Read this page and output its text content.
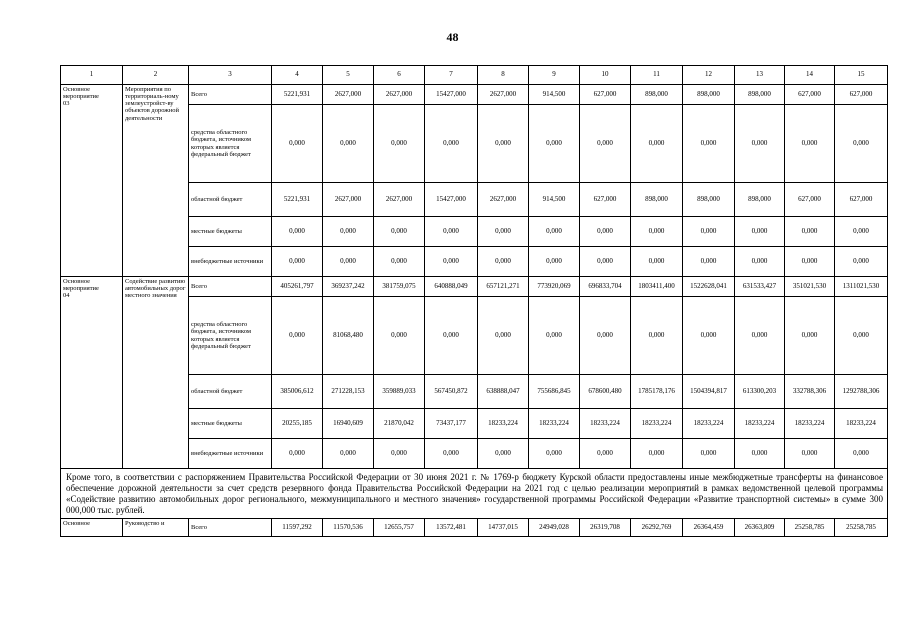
48
1	2	3	4	5	6	7	8	9	10	11	12	13	14	15
Основное
мероприятие
03	Мероприятия по территориаль-ному землеустройст-ву объектов дорожной деятельности	Всего	5221,931	2627,000	2627,000	15427,000	2627,000	914,500	627,000	898,000	898,000	898,000	627,000	627,000
		средства областного бюджета, источником которых является федеральный бюджет	0,000	0,000	0,000	0,000	0,000	0,000	0,000	0,000	0,000	0,000	0,000	0,000
		областной бюджет	5221,931	2627,000	2627,000	15427,000	2627,000	914,500	627,000	898,000	898,000	898,000	627,000	627,000
		местные бюджеты	0,000	0,000	0,000	0,000	0,000	0,000	0,000	0,000	0,000	0,000	0,000	0,000
		внебюджетные источники	0,000	0,000	0,000	0,000	0,000	0,000	0,000	0,000	0,000	0,000	0,000	0,000
Основное
мероприятие
04	Содействие развитию автомобильных дорог местного значения	Всего	405261,797	369237,242	381759,075	640888,049	657121,271	773920,069	696833,704	1803411,400	1522628,041	631533,427	351021,530	1311021,530
		средства областного бюджета, источником которых является федеральный бюджет	0,000	81068,480	0,000	0,000	0,000	0,000	0,000	0,000	0,000	0,000	0,000	0,000
		областной бюджет	385006,612	271228,153	359889,033	567450,872	638888,047	755686,845	678600,480	1785178,176	1504394,817	613300,203	332788,306	1292788,306
		местные бюджеты	20255,185	16940,609	21870,042	73437,177	18233,224	18233,224	18233,224	18233,224	18233,224	18233,224	18233,224	18233,224
		внебюджетные источники	0,000	0,000	0,000	0,000	0,000	0,000	0,000	0,000	0,000	0,000	0,000	0,000
Кроме того, в соответствии с распоряжением Правительства Российской Федерации от 30 июня 2021 г. № 1769-р бюджету Курской области предоставлены иные межбюджетные трансферты на финансовое обеспечение дорожной деятельности за счет средств резервного фонда Правительства Российской Федерации на 2021 год с целью реализации мероприятий в рамках ведомственной целевой программы «Содействие развитию автомобильных дорог регионального, межмуниципального и местного значения» государственной программы Российской Федерации «Развитие транспортной системы» в сумме 300 000,000 тыс. рублей.														
Основное	Руководство и	Всего	11597,292	11570,536	12655,757	13572,481	14737,015	24949,028	26319,708	26292,769	26364,459	26363,809	25258,785	25258,785
